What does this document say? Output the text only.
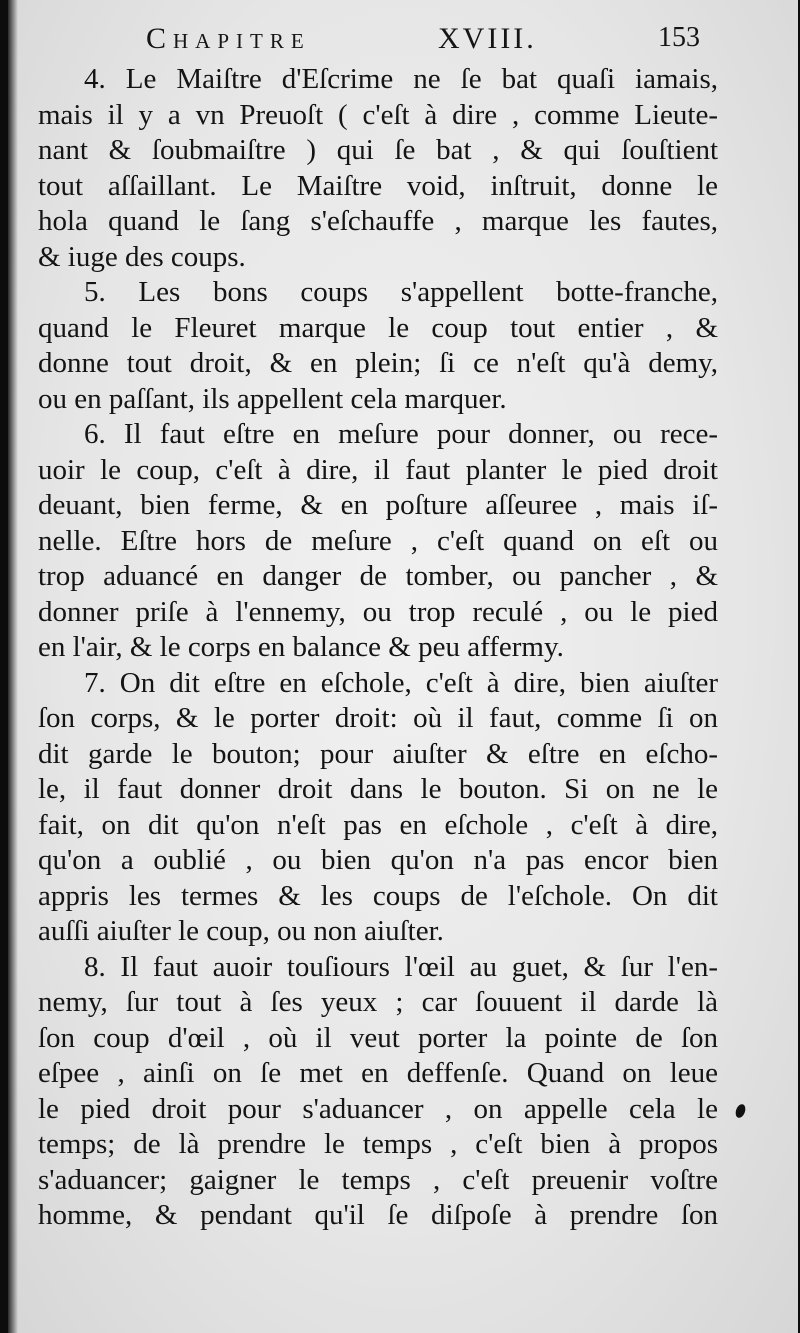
Chapitre	XVIII.	153
4. Le Maiſtre d'Eſcrime ne ſe bat quaſi iamais,
mais il y a vn Preuoſt ( c'eſt à dire , comme Lieute-
nant & ſoubmaiſtre ) qui ſe bat , & qui ſouſtient
tout aſſaillant. Le Maiſtre void, inſtruit, donne le
hola quand le ſang s'eſchauffe , marque les fautes,
& iuge des coups.
5. Les bons coups s'appellent botte-franche,
quand le Fleuret marque le coup tout entier , &
donne tout droit, & en plein; ſi ce n'eſt qu'à demy,
ou en paſſant, ils appellent cela marquer.
6. Il faut eſtre en meſure pour donner, ou rece-
uoir le coup, c'eſt à dire, il faut planter le pied droit
deuant, bien ferme, & en poſture aſſeuree , mais iſ-
nelle. Eſtre hors de meſure , c'eſt quand on eſt ou
trop aduancé en danger de tomber, ou pancher , &
donner priſe à l'ennemy, ou trop reculé , ou le pied
en l'air, & le corps en balance & peu affermy.
7. On dit eſtre en eſchole, c'eſt à dire, bien aiuſter
ſon corps, & le porter droit: où il faut, comme ſi on
dit garde le bouton; pour aiuſter & eſtre en eſcho-
le, il faut donner droit dans le bouton. Si on ne le
fait, on dit qu'on n'eſt pas en eſchole , c'eſt à dire,
qu'on a oublié , ou bien qu'on n'a pas encor bien
appris les termes & les coups de l'eſchole. On dit
auſſi aiuſter le coup, ou non aiuſter.
8. Il faut auoir touſiours l'œil au guet, & ſur l'en-
nemy, ſur tout à ſes yeux ; car ſouuent il darde là
ſon coup d'œil , où il veut porter la pointe de ſon
eſpee , ainſi on ſe met en deffenſe. Quand on leue
le pied droit pour s'aduancer , on appelle cela le
temps; de là prendre le temps , c'eſt bien à propos
s'aduancer; gaigner le temps , c'eſt preuenir voſtre
homme, & pendant qu'il ſe diſpoſe à prendre ſon
